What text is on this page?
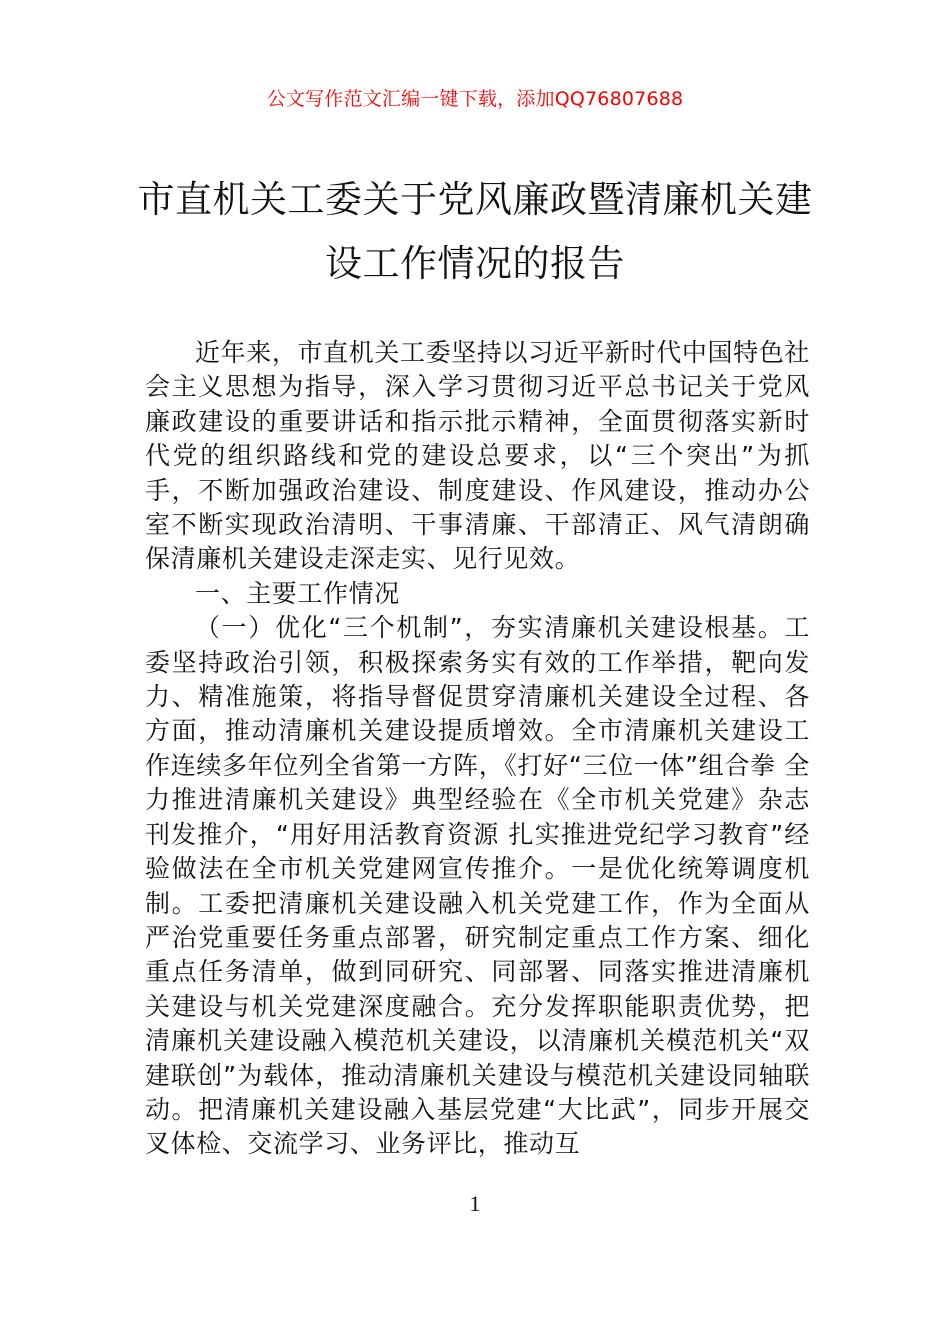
公文写作范文汇编一键下载，添加QQ76807688
市直机关工委关于党风廉政暨清廉机关建设工作情况的报告

近年来，市直机关工委坚持以习近平新时代中国特色社会主义思想为指导，深入学习贯彻习近平总书记关于党风廉政建设的重要讲话和指示批示精神，全面贯彻落实新时代党的组织路线和党的建设总要求，以“三个突出”为抓手，不断加强政治建设、制度建设、作风建设，推动办公室不断实现政治清明、干事清廉、干部清正、风气清朗确保清廉机关建设走深走实、见行见效。

一、主要工作情况

（一）优化“三个机制”，夯实清廉机关建设根基。工委坚持政治引领，积极探索务实有效的工作举措，靶向发力、精准施策，将指导督促贯穿清廉机关建设全过程、各方面，推动清廉机关建设提质增效。全市清廉机关建设工作连续多年位列全省第一方阵，《打好“三位一体”组合拳 全力推进清廉机关建设》典型经验在《全市机关党建》杂志刊发推介，“用好用活教育资源 扎实推进党纪学习教育”经验做法在全市机关党建网宣传推介。一是优化统筹调度机制。工委把清廉机关建设融入机关党建工作，作为全面从严治党重要任务重点部署，研究制定重点工作方案、细化重点任务清单，做到同研究、同部署、同落实推进清廉机关建设与机关党建深度融合。充分发挥职能职责优势，把清廉机关建设融入模范机关建设，以清廉机关模范机关“双建联创”为载体，推动清廉机关建设与模范机关建设同轴联动。把清廉机关建设融入基层党建“大比武”，同步开展交叉体检、交流学习、业务评比，推动互

1
